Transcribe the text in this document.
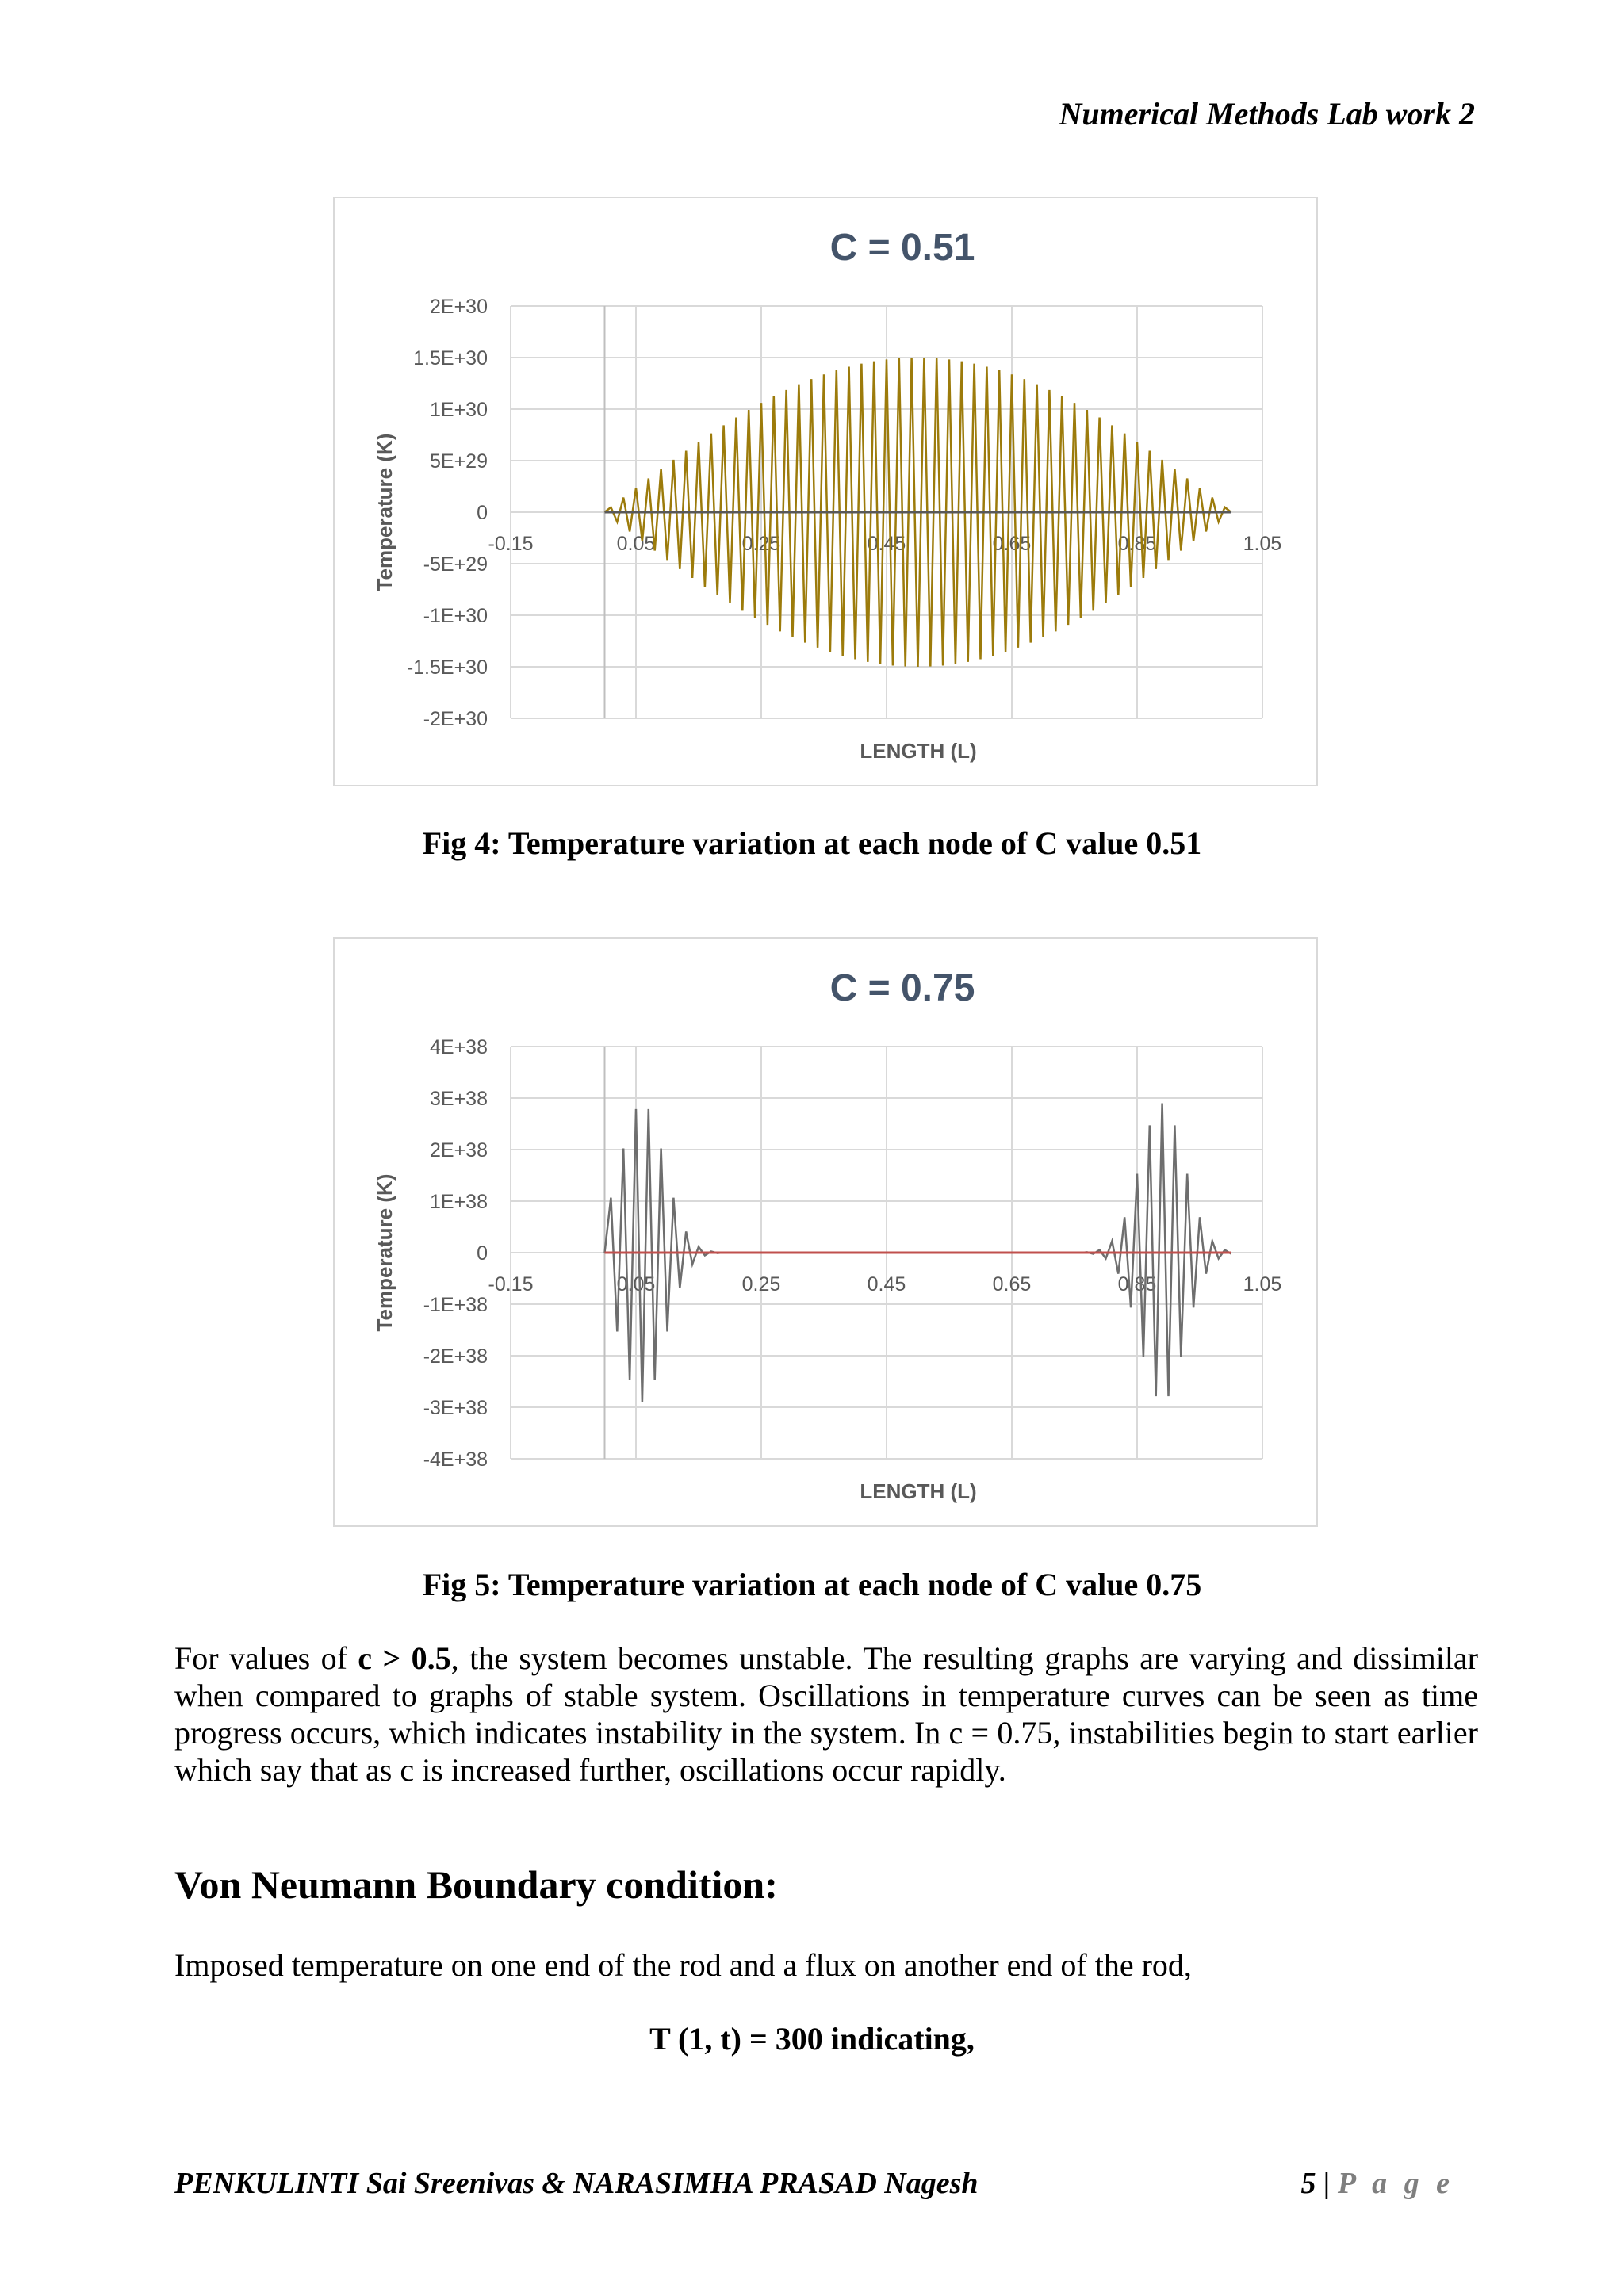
Numerical Methods Lab work 2
C = 0.51
2E+30
1.5E+30
1E+30
5E+29
0
-5E+29
-1E+30
-1.5E+30
-2E+30
-0.15	0.05	0.25	0.45	0.65	0.85	1.05
LENGTH (L)
Temperature (K)
Fig 4: Temperature variation at each node of C value 0.51
C = 0.75
4E+38
3E+38
2E+38
1E+38
0
-1E+38
-2E+38
-3E+38
-4E+38
-0.15	0.05	0.25	0.45	0.65	0.85	1.05
LENGTH (L)
Temperature (K)
Fig 5: Temperature variation at each node of C value 0.75
For values of c > 0.5, the system becomes unstable. The resulting graphs are varying and dissimilar when compared to graphs of stable system. Oscillations in temperature curves can be seen as time progress occurs, which indicates instability in the system. In c = 0.75, instabilities begin to start earlier which say that as c is increased further, oscillations occur rapidly.
Von Neumann Boundary condition:
Imposed temperature on one end of the rod and a flux on another end of the rod,
T (1, t) = 300 indicating,
PENKULINTI Sai Sreenivas & NARASIMHA PRASAD Nagesh	5 | P a g e
